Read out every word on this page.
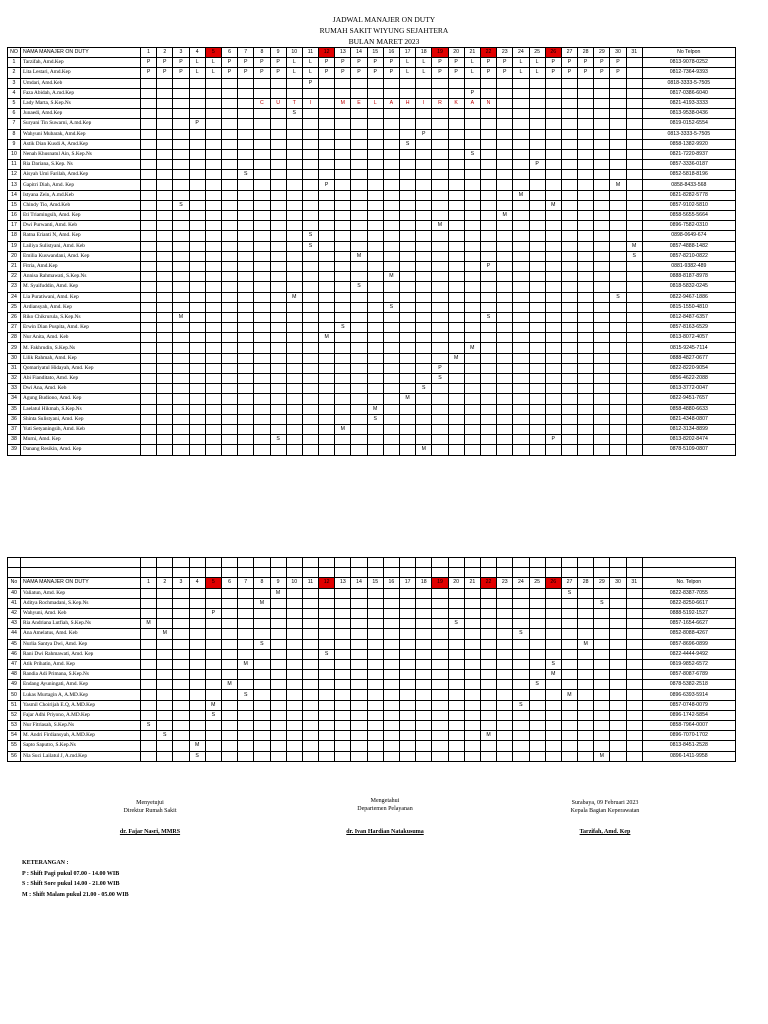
JADWAL MANAJER ON DUTY
RUMAH SAKIT WIYUNG SEJAHTERA
BULAN MARET 2023
NO	NAMA MANAJER ON DUTY	1	2	3	4	5	6	7	8	9	10	11	12	13	14	15	16	17	18	19	20	21	22	23	24	25	26	27	28	29	30	31	No Telpon
1	Tarzifah, Amd.Kep	P	P	P	L	L	P	P	P	P	L	L	P	P	P	P	P	L	L	P	P	L	P	P	L	L	P	P	P	P	P		0813-9078-0252
2	Lita Lestari, Amd.Kep	P	P	P	L	L	P	P	P	P	L	L	P	P	P	P	P	L	L	P	P	L	P	P	L	L	P	P	P	P	P		0812-7364-9393
3	Umdari, Amd.Keb											P																					0818-3333-5-7505
4	Faza Abidah, A.md.Kep																					P											0817-0386-6040
5	Lady Marta, S.Kep.Ns								C	U	T	I		M	E	L	A	H	I	R	K	A	N										0821-4193-3333
6	Junaedi, Amd.Kep										S																						0813-9538-0436
7	Suryani Tin Suwarni, A.md.Kep				P																												0819-0152-6554
8	Wahyuni Mubarak, Amd.Kep																		P														0813-3333-5-7505
9	Astik Dian Kusdi A, Amd.Kep																	S															0858-1382-9920
10	Nenah Khusnatul Ain, S.Kep.Ns																					S											0821-7220-8937
11	Ria Dariana, S.Kep. Ns																									P							0857-3336-0187
12	Aisyah Umi Farilah, Amd.Kep							S																									0852-5818-8196
13	Gapitri Diah, Amd. Kep												P																		M		0858-8433-568
14	Istyana Zein, A.md.Keb																								M								0821-8282-5778
15	Chindy Tio, Amd.Keb			S																							M						0857-9102-5810
16	Eti Triamingsih, Amd. Kep																							M									0858-5655-5664
17	Dwi Purwanti, Amd. Keb																			M													0896-7582-0310
18	Ratna Erianti N, Amd. Kep											S																					0898-0649-674
19	Lailiya Sulistyani, Amd. Keb											S																				M	0857-4888-1482
20	Emilia Kuswandani, Amd. Kep														M																	S	0857-8210-0822
21	Fitria, Amd.Kep																						P										0881-9382-489
22	Annisa Rahmawati, S.Kep.Ns																M																0888-8187-8978
23	M. Syaifuddin, Amd. Kep														S																		0818-5832-0245
24	Lia Puratiwani, Amd. Kep										M																				S		0822-9467-1886
25	Ardiansyah, Amd. Kep																S																0815-1550-4810
26	Riko Chikrurula, S.Kep.Ns			M																			S										0812-8487-6357
27	Erwin Dian Puspita, Amd. Kep													S																			0857-8163-6529
28	Nur Anita, Amd. Keb												M																				0813-8072-4057
29	M. Fakhrudin, S.Kep.Ns																					M											0815-9245-7114
30	Lilik Rahmah, Amd. Kep																				M												0888-4827-0677
31	Qomariyatul Hidayah, Amd. Kep																			P													0822-8220-9054
32	Abi Fianditato, Amd. Kep																			S													0856-4622-2088
33	Dwi Ana, Amd. Keb																		S														0813-3772-0047
34	Agung Budiono, Amd. Kep																	M															0822-9451-7657
35	Laelatul Hikmah, S.Kep.Ns															M																	0858-4880-6633
36	Shinta Sulistyani, Amd. Kep															S																	0821-4348-0807
37	Yuti Setyaningsih, Amd. Keb													M																			0812-3134-8899
38	Murni, Amd. Kep									S																	P						0813-8202-8474
39	Danang Resikin, Amd. Kep																		M														0878-5109-0807

No	NAMA MANAJER ON DUTY	1	2	3	4	5	6	7	8	9	10	11	12	13	14	15	16	17	18	19	20	21	22	23	24	25	26	27	28	29	30	31	No. Telpon
40	Valiatun, Amd. Kep									M																		S					0822-8387-7055
41	Aditya Rochmadani, S.Kep.Ns								M																					S			0822-8250-6617
42	Wahyuni, Amd. Keb					P																											0888-5192-1527
43	Ria Andriana Lutfiah, S.Kep.Ns	M																			S												0857-1654-6627
44	Ana Amelatus, Amd. Keb		M																						S								0852-8088-4267
45	Nurlia Santya Dwi, Amd. Kep								S																				M				0857-8696-0899
46	Rani Dwi Rahmawati, Amd. Kep												S																				0822-4444-9492
47	Atik Prihatin, Amd. Kep							M																			S						0819-9852-6572
48	Randia Adi Primana, S.Kep.Ns																										M						0857-8087-6789
49	Endang Ayuningati, Amd. Kep						M																			S							0878-5382-2518
50	Lukas Murtagin A, A.MD.Kep							S																				M					0896-6393-5914
51	Yasmil Choirijah E.Q, A.MD.Kep					M																			S								0857-0748-0079
52	Fajar Adhi Priyono, A.MD.Kep					S																											0896-1742-5854
53	Nur Fitriasah, S.Kep.Ns	S																															0858-7964-0007
54	M. Andri Firdiansyah, A.MD.Kep		S																				M										0896-7070-1702
55	Sapto Saputro, S.Kep.Ns				M																												0813-8451-2528
56	Nia Suci Lailatul J, A.md.Kep				S																									M			0896-1411-9958
Menyetujui
Direktur Rumah Sakit
dr. Fajar Nasri, MMRS
Mengetahui
Departemen Pelayanan
dr. Ivan Hardian Natakusuma
Surabaya, 09 Februari 2023
Kepala Bagian Keperawatan
Tarzifah, Amd. Kep
KETERANGAN :
P : Shift Pagi pukul 07.00 - 14.00 WIB
S : Shift Sore pukul 14.00 - 21.00 WIB
M : Shift Malam pukul 21.00 - 05.00 WIB
